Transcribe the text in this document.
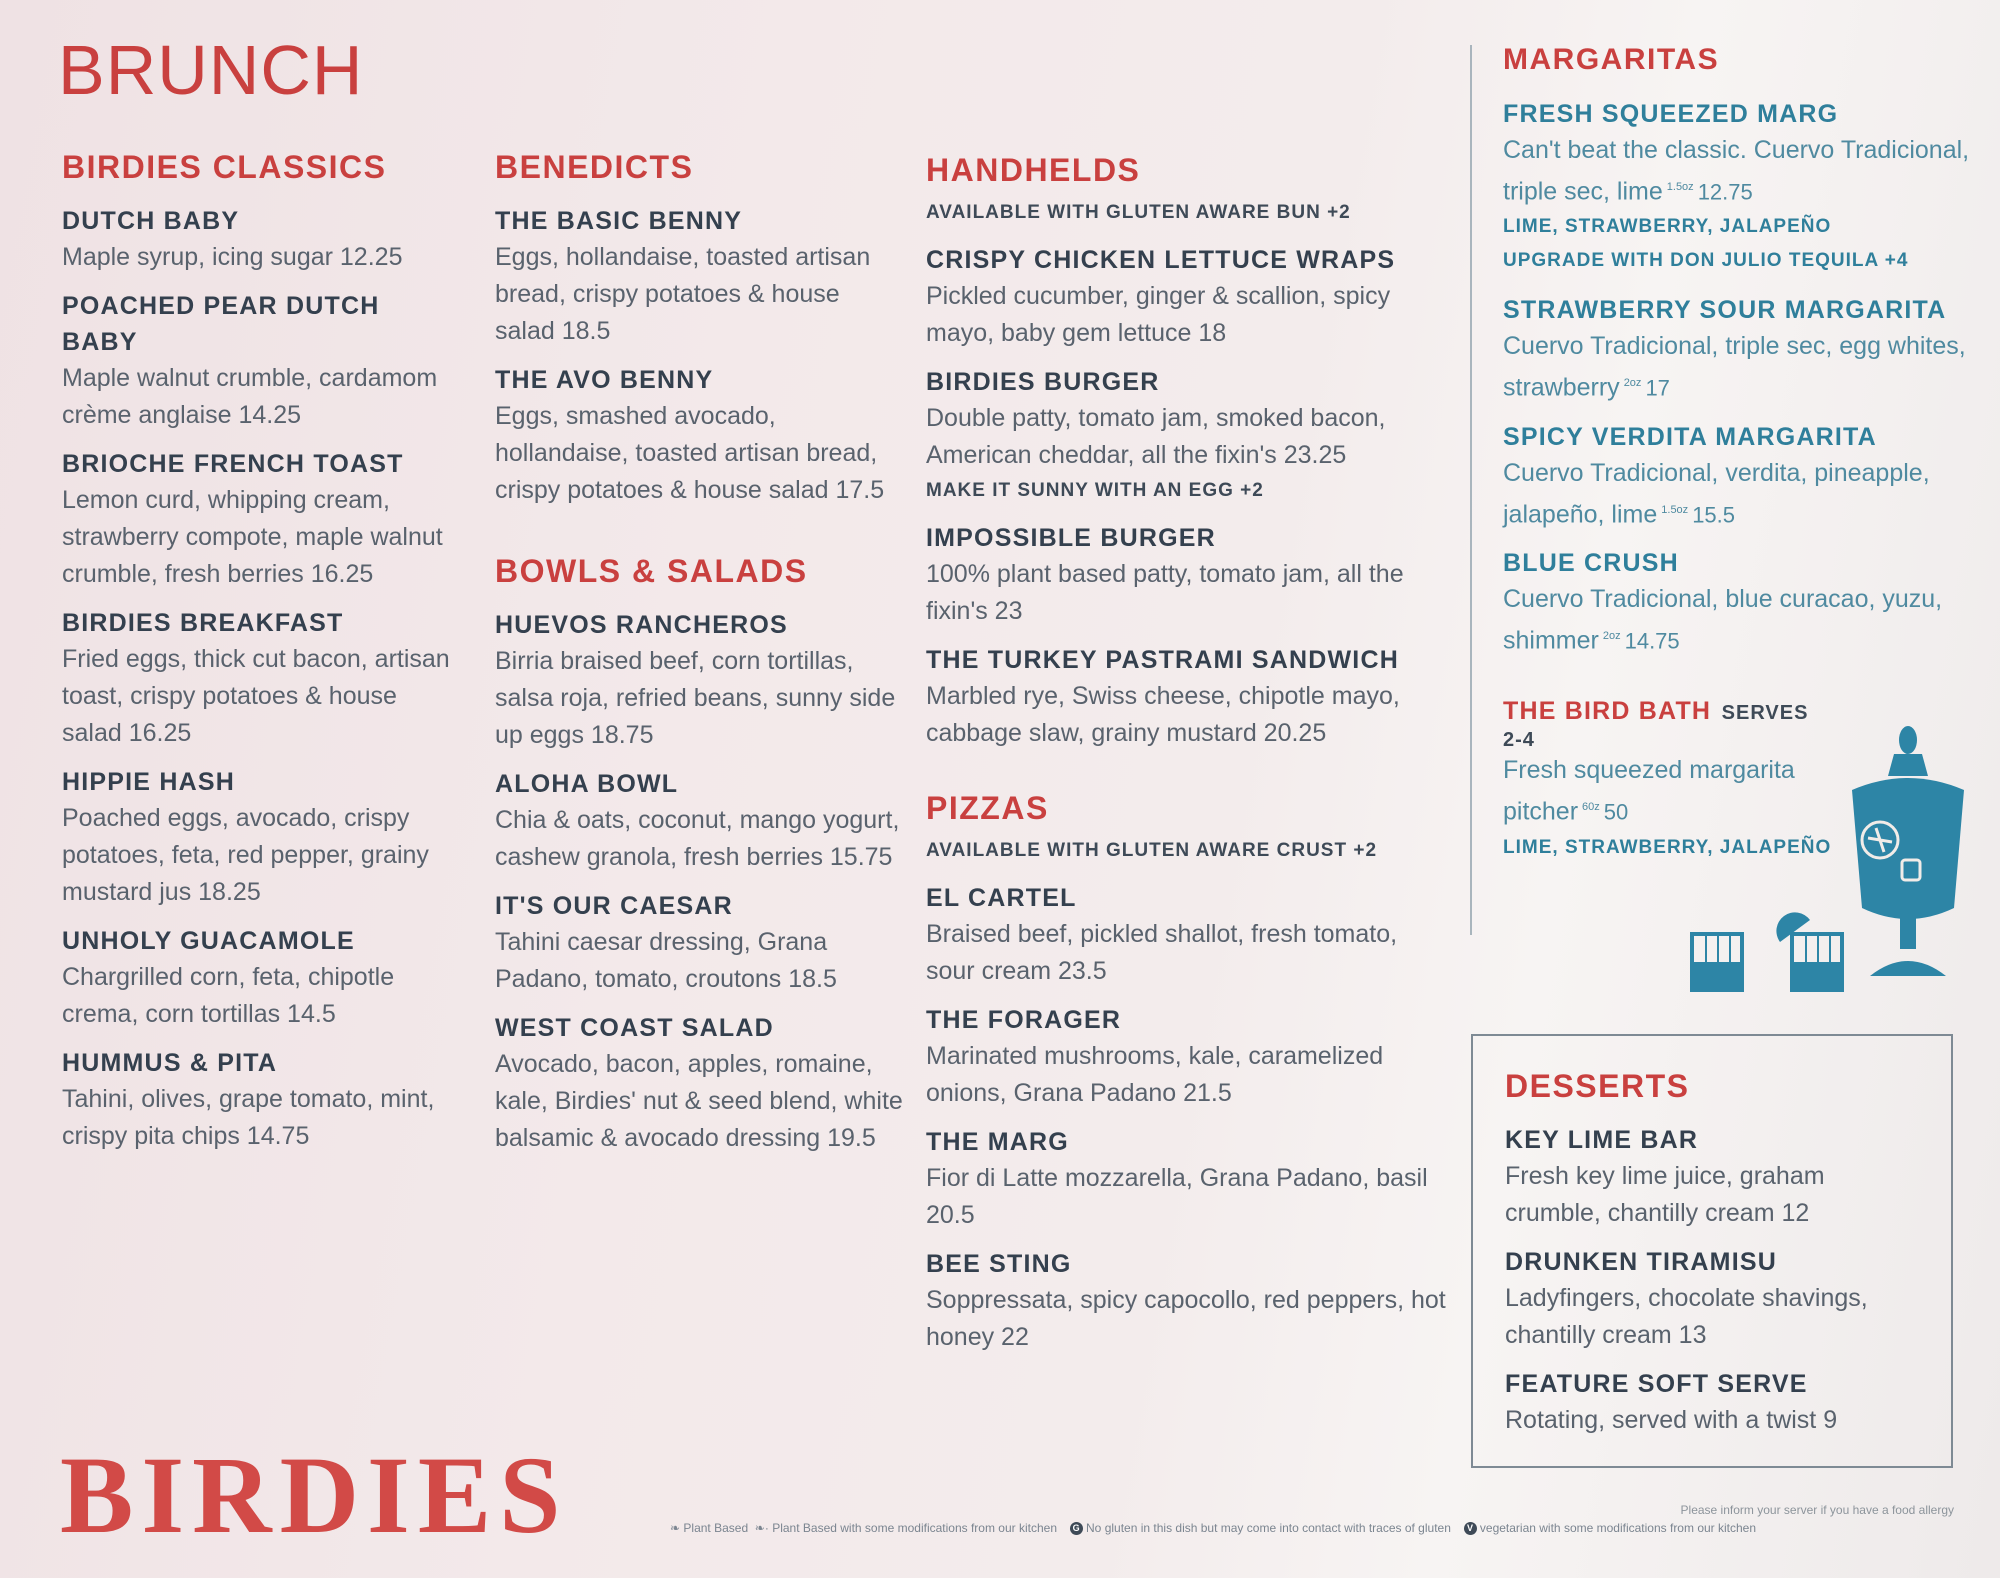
BRUNCH
BIRDIES CLASSICS
DUTCH BABY
Maple syrup, icing sugar 12.25
POACHED PEAR DUTCH BABY
Maple walnut crumble, cardamom crème anglaise 14.25
BRIOCHE FRENCH TOAST
Lemon curd, whipping cream, strawberry compote, maple walnut crumble, fresh berries 16.25
BIRDIES BREAKFAST
Fried eggs, thick cut bacon, artisan toast, crispy potatoes & house salad 16.25
HIPPIE HASH
Poached eggs, avocado, crispy potatoes, feta, red pepper, grainy mustard jus 18.25
UNHOLY GUACAMOLE
Chargrilled corn, feta, chipotle crema, corn tortillas 14.5
HUMMUS & PITA
Tahini, olives, grape tomato, mint, crispy pita chips 14.75
BENEDICTS
THE BASIC BENNY
Eggs, hollandaise, toasted artisan bread, crispy potatoes & house salad 18.5
THE AVO BENNY
Eggs, smashed avocado, hollandaise, toasted artisan bread, crispy potatoes & house salad 17.5
BOWLS & SALADS
HUEVOS RANCHEROS
Birria braised beef, corn tortillas, salsa roja, refried beans, sunny side up eggs 18.75
ALOHA BOWL
Chia & oats, coconut, mango yogurt, cashew granola, fresh berries 15.75
IT'S OUR CAESAR
Tahini caesar dressing, Grana Padano, tomato, croutons 18.5
WEST COAST SALAD
Avocado, bacon, apples, romaine, kale, Birdies' nut & seed blend, white balsamic & avocado dressing 19.5
HANDHELDS
AVAILABLE WITH GLUTEN AWARE BUN +2
CRISPY CHICKEN LETTUCE WRAPS
Pickled cucumber, ginger & scallion, spicy mayo, baby gem lettuce 18
BIRDIES BURGER
Double patty, tomato jam, smoked bacon, American cheddar, all the fixin's 23.25
MAKE IT SUNNY WITH AN EGG +2
IMPOSSIBLE BURGER
100% plant based patty, tomato jam, all the fixin's 23
THE TURKEY PASTRAMI SANDWICH
Marbled rye, Swiss cheese, chipotle mayo, cabbage slaw, grainy mustard 20.25
PIZZAS
AVAILABLE WITH GLUTEN AWARE CRUST +2
EL CARTEL
Braised beef, pickled shallot, fresh tomato, sour cream 23.5
THE FORAGER
Marinated mushrooms, kale, caramelized onions, Grana Padano 21.5
THE MARG
Fior di Latte mozzarella, Grana Padano, basil 20.5
BEE STING
Soppressata, spicy capocollo, red peppers, hot honey 22
MARGARITAS
FRESH SQUEEZED MARG
Can't beat the classic. Cuervo Tradicional, triple sec, lime $^{1.5oz}$ 12.75
LIME, STRAWBERRY, JALAPEÑO
UPGRADE WITH DON JULIO TEQUILA +4
STRAWBERRY SOUR MARGARITA
Cuervo Tradicional, triple sec, egg whites, strawberry $^{2oz}$ 17
SPICY VERDITA MARGARITA
Cuervo Tradicional, verdita, pineapple, jalapeño, lime $^{1.5oz}$ 15.5
BLUE CRUSH
Cuervo Tradicional, blue curacao, yuzu, shimmer $^{2oz}$ 14.75
THE BIRD BATH SERVES 2-4
Fresh squeezed margarita pitcher $^{60z}$ 50
LIME, STRAWBERRY, JALAPEÑO
DESSERTS
KEY LIME BAR
Fresh key lime juice, graham crumble, chantilly cream 12
DRUNKEN TIRAMISU
Ladyfingers, chocolate shavings, chantilly cream 13
FEATURE SOFT SERVE
Rotating, served with a twist 9
BIRDIES	Please inform your server if you have a food allergy
❧ Plant Based ❧· Plant Based with some modifications from our kitchen G No gluten in this dish but may come into contact with traces of gluten V vegetarian with some modifications from our kitchen
